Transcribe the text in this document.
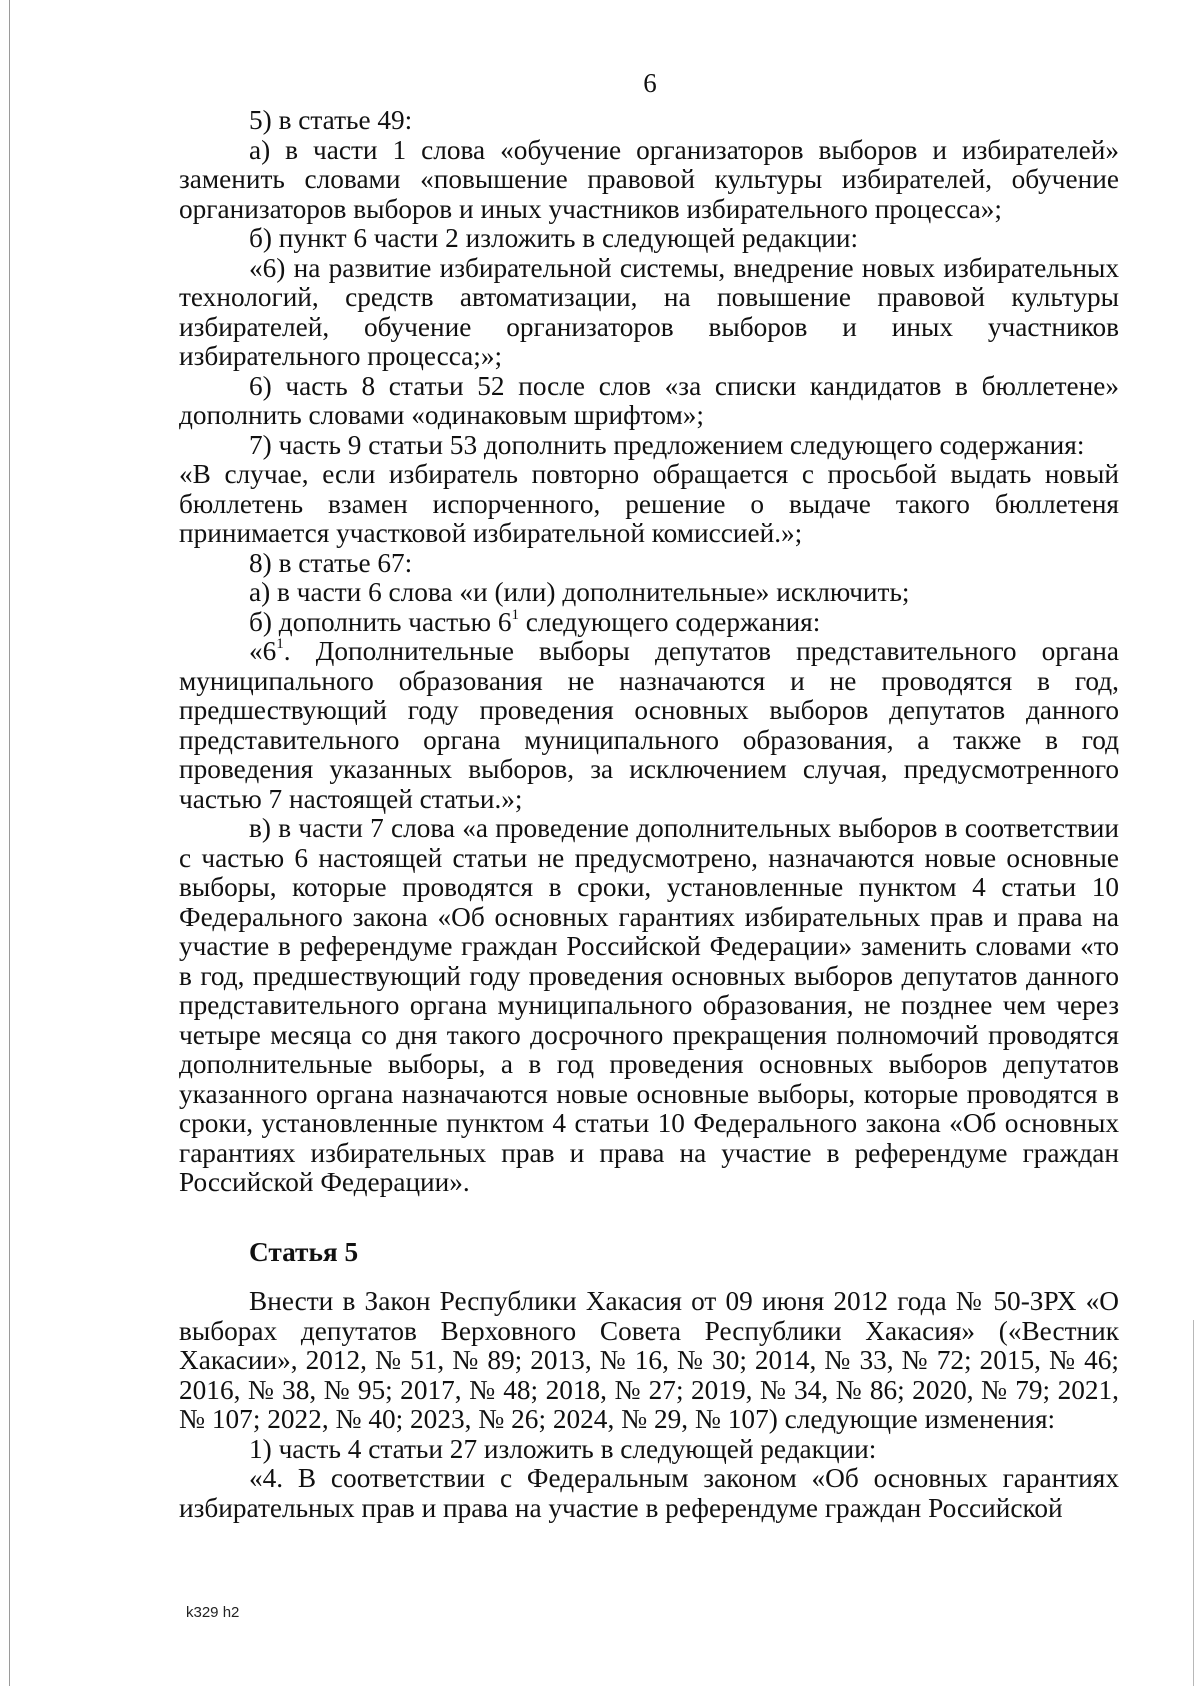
6

5) в статье 49:

а) в части 1 слова «обучение организаторов выборов и избирателей» заменить словами «повышение правовой культуры избирателей, обучение организаторов выборов и иных участников избирательного процесса»;

б) пункт 6 части 2 изложить в следующей редакции:

«6) на развитие избирательной системы, внедрение новых избирательных технологий, средств автоматизации, на повышение правовой культуры избирателей, обучение организаторов выборов и иных участников избирательного процесса;»;

6) часть 8 статьи 52 после слов «за списки кандидатов в бюллетене» дополнить словами «одинаковым шрифтом»;

7) часть 9 статьи 53 дополнить предложением следующего содержания:

«В случае, если избиратель повторно обращается с просьбой выдать новый бюллетень взамен испорченного, решение о выдаче такого бюллетеня принимается участковой избирательной комиссией.»;

8) в статье 67:

а) в части 6 слова «и (или) дополнительные» исключить;

б) дополнить частью $6^1$ следующего содержания:

«$6^1$. Дополнительные выборы депутатов представительного органа муниципального образования не назначаются и не проводятся в год, предшествующий году проведения основных выборов депутатов данного представительного органа муниципального образования, а также в год проведения указанных выборов, за исключением случая, предусмотренного частью 7 настоящей статьи.»;

в) в части 7 слова «а проведение дополнительных выборов в соответствии с частью 6 настоящей статьи не предусмотрено, назначаются новые основные выборы, которые проводятся в сроки, установленные пунктом 4 статьи 10 Федерального закона «Об основных гарантиях избирательных прав и права на участие в референдуме граждан Российской Федерации» заменить словами «то в год, предшествующий году проведения основных выборов депутатов данного представительного органа муниципального образования, не позднее чем через четыре месяца со дня такого досрочного прекращения полномочий проводятся дополнительные выборы, а в год проведения основных выборов депутатов указанного органа назначаются новые основные выборы, которые проводятся в сроки, установленные пунктом 4 статьи 10 Федерального закона «Об основных гарантиях избирательных прав и права на участие в референдуме граждан Российской Федерации».

Статья 5

Внести в Закон Республики Хакасия от 09 июня 2012 года № 50-ЗРХ «О выборах депутатов Верховного Совета Республики Хакасия» («Вестник Хакасии», 2012, № 51, № 89; 2013, № 16, № 30; 2014, № 33, № 72; 2015, № 46; 2016, № 38, № 95; 2017, № 48; 2018, № 27; 2019, № 34, № 86; 2020, № 79; 2021, № 107; 2022, № 40; 2023, № 26; 2024, № 29, № 107) следующие изменения:

1) часть 4 статьи 27 изложить в следующей редакции:

«4. В соответствии с Федеральным законом «Об основных гарантиях избирательных прав и права на участие в референдуме граждан Российской

k329 h2
